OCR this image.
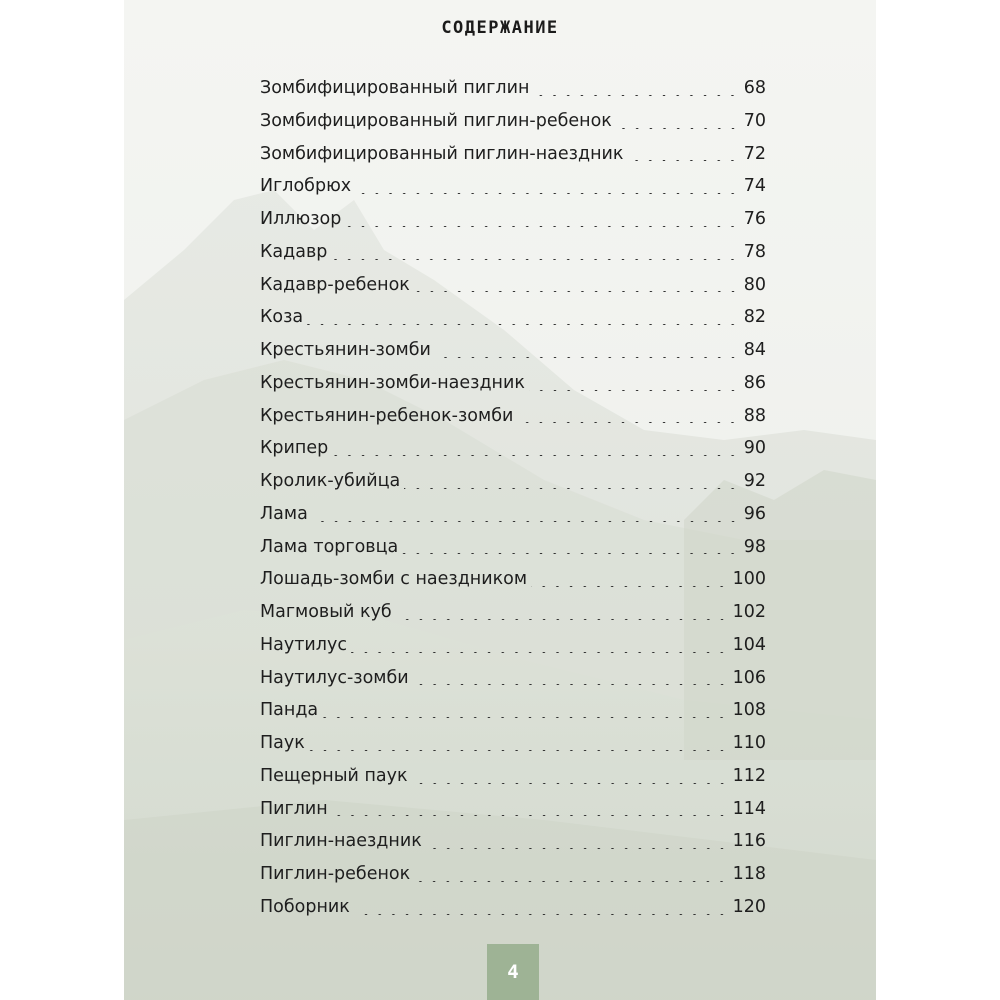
СОДЕРЖАНИЕ
Зомбифицированный пиглин	68
Зомбифицированный пиглин-ребенок	70
Зомбифицированный пиглин-наездник	72
Иглобрюх	74
Иллюзор	76
Кадавр	78
Кадавр-ребенок	80
Коза	82
Крестьянин-зомби	84
Крестьянин-зомби-наездник	86
Крестьянин-ребенок-зомби	88
Крипер	90
Кролик-убийца	92
Лама	96
Лама торговца	98
Лошадь-зомби с наездником	100
Магмовый куб	102
Наутилус	104
Наутилус-зомби	106
Панда	108
Паук	110
Пещерный паук	112
Пиглин	114
Пиглин-наездник	116
Пиглин-ребенок	118
Поборник	120
4
